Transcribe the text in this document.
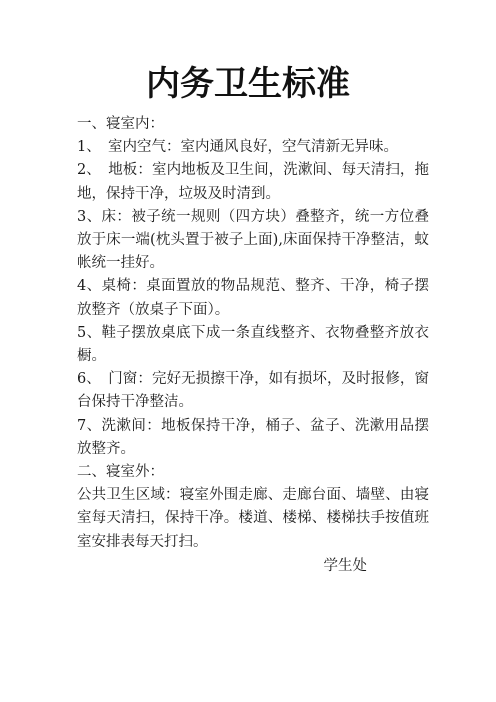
内务卫生标准

一、寝室内：

1、　室内空气：室内通风良好，空气清新无异味。

2、　地板：室内地板及卫生间，洗漱间、每天清扫，拖地，保持干净，垃圾及时清到。

3、床：被子统一规则（四方块）叠整齐，统一方位叠放于床一端(枕头置于被子上面),床面保持干净整洁，蚊帐统一挂好。

4、桌椅：桌面置放的物品规范、整齐、干净，椅子摆放整齐（放桌子下面）。

5、鞋子摆放桌底下成一条直线整齐、衣物叠整齐放衣橱。

6、　门窗：完好无损擦干净，如有损坏，及时报修，窗台保持干净整洁。

7、洗漱间：地板保持干净，桶子、盆子、洗漱用品摆放整齐。

二、寝室外：

公共卫生区域：寝室外围走廊、走廊台面、墙壁、由寝室每天清扫，保持干净。楼道、楼梯、楼梯扶手按值班室安排表每天打扫。

学生处
